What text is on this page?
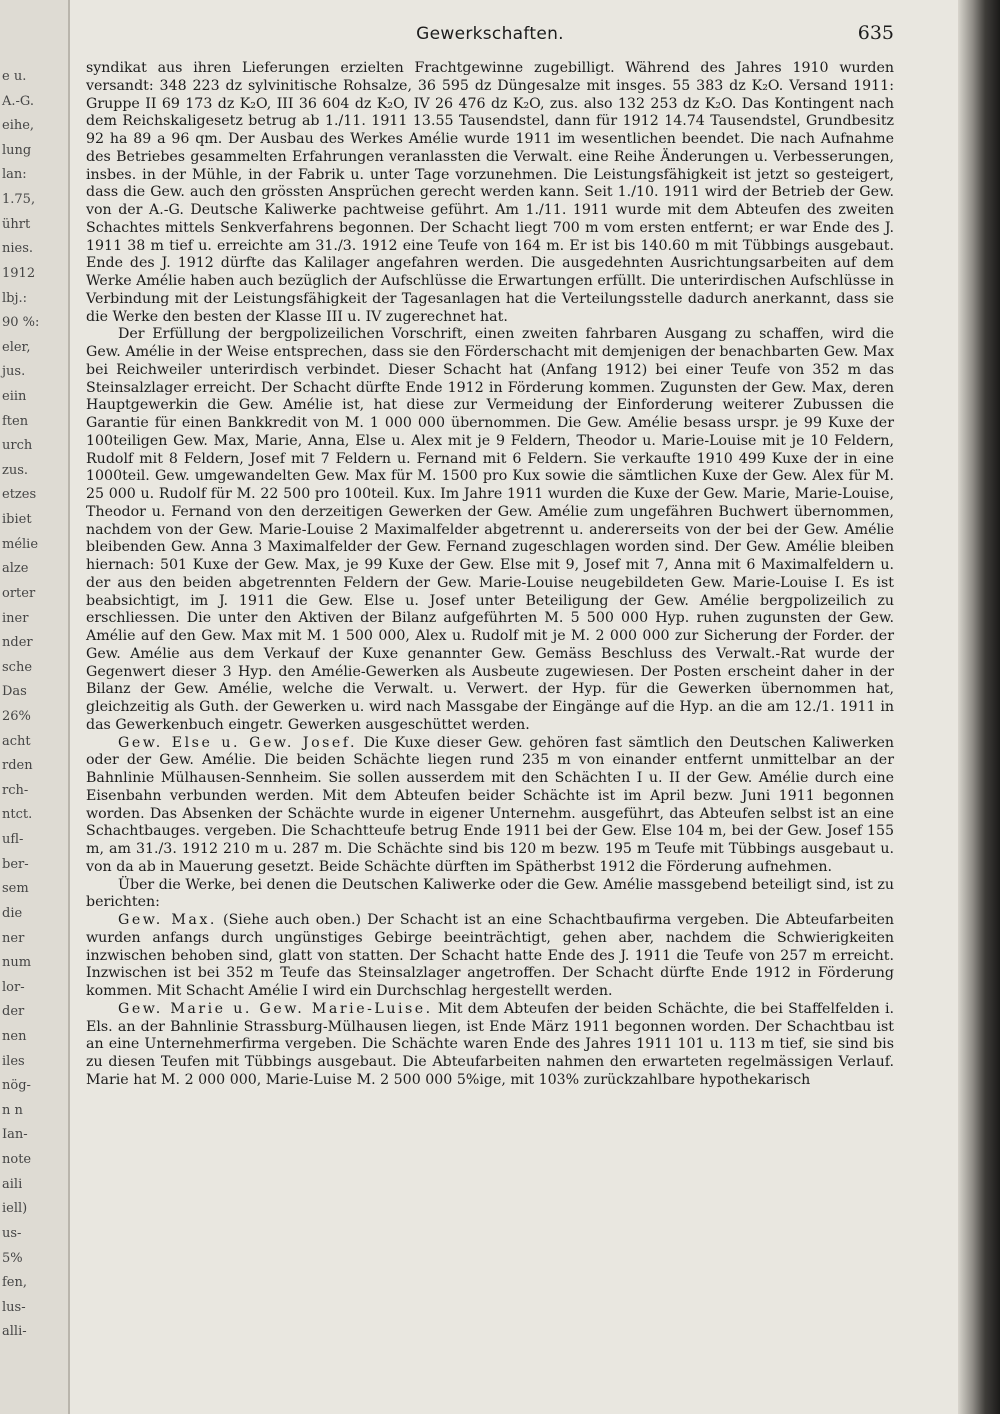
e u.
A.-G.
eihe,
lung
lan:
1.75,
ührt
nies.
1912
lbj.:
90 %:
eler,
jus.
eiin
ften
urch
zus.
etzes
ibiet
mélie
alze
orter
iner
nder
sche
Das
26%
acht
rden
rch-
ntct.
ufl-
ber-
sem
die
ner
num
lor-
der
nen
iles
nög-
n n
Ian-
note
aili
iell)
us-
5%
fen,
lus-
alli-
Gewerkschaften.	635

syndikat aus ihren Lieferungen erzielten Frachtgewinne zugebilligt. Während des Jahres 1910 wurden versandt: 348 223 dz sylvinitische Rohsalze, 36 595 dz Düngesalze mit insges. 55 383 dz K₂O. Versand 1911: Gruppe II 69 173 dz K₂O, III 36 604 dz K₂O, IV 26 476 dz K₂O, zus. also 132 253 dz K₂O. Das Kontingent nach dem Reichskaligesetz betrug ab 1./11. 1911 13.55 Tausendstel, dann für 1912 14.74 Tausendstel, Grundbesitz 92 ha 89 a 96 qm. Der Ausbau des Werkes Amélie wurde 1911 im wesentlichen beendet. Die nach Aufnahme des Betriebes gesammelten Erfahrungen veranlassten die Verwalt. eine Reihe Änderungen u. Verbesserungen, insbes. in der Mühle, in der Fabrik u. unter Tage vorzunehmen. Die Leistungsfähigkeit ist jetzt so gesteigert, dass die Gew. auch den grössten Ansprüchen gerecht werden kann. Seit 1./10. 1911 wird der Betrieb der Gew. von der A.-G. Deutsche Kaliwerke pachtweise geführt. Am 1./11. 1911 wurde mit dem Abteufen des zweiten Schachtes mittels Senkverfahrens begonnen. Der Schacht liegt 700 m vom ersten entfernt; er war Ende des J. 1911 38 m tief u. erreichte am 31./3. 1912 eine Teufe von 164 m. Er ist bis 140.60 m mit Tübbings ausgebaut. Ende des J. 1912 dürfte das Kalilager angefahren werden. Die ausgedehnten Ausrichtungsarbeiten auf dem Werke Amélie haben auch bezüglich der Aufschlüsse die Erwartungen erfüllt. Die unterirdischen Aufschlüsse in Verbindung mit der Leistungsfähigkeit der Tagesanlagen hat die Verteilungsstelle dadurch anerkannt, dass sie die Werke den besten der Klasse III u. IV zugerechnet hat.

Der Erfüllung der bergpolizeilichen Vorschrift, einen zweiten fahrbaren Ausgang zu schaffen, wird die Gew. Amélie in der Weise entsprechen, dass sie den Förderschacht mit demjenigen der benachbarten Gew. Max bei Reichweiler unterirdisch verbindet. Dieser Schacht hat (Anfang 1912) bei einer Teufe von 352 m das Steinsalzlager erreicht. Der Schacht dürfte Ende 1912 in Förderung kommen. Zugunsten der Gew. Max, deren Hauptgewerkin die Gew. Amélie ist, hat diese zur Vermeidung der Einforderung weiterer Zubussen die Garantie für einen Bankkredit von M. 1 000 000 übernommen. Die Gew. Amélie besass urspr. je 99 Kuxe der 100teiligen Gew. Max, Marie, Anna, Else u. Alex mit je 9 Feldern, Theodor u. Marie-Louise mit je 10 Feldern, Rudolf mit 8 Feldern, Josef mit 7 Feldern u. Fernand mit 6 Feldern. Sie verkaufte 1910 499 Kuxe der in eine 1000teil. Gew. umgewandelten Gew. Max für M. 1500 pro Kux sowie die sämtlichen Kuxe der Gew. Alex für M. 25 000 u. Rudolf für M. 22 500 pro 100teil. Kux. Im Jahre 1911 wurden die Kuxe der Gew. Marie, Marie-Louise, Theodor u. Fernand von den derzeitigen Gewerken der Gew. Amélie zum ungefähren Buchwert übernommen, nachdem von der Gew. Marie-Louise 2 Maximalfelder abgetrennt u. andererseits von der bei der Gew. Amélie bleibenden Gew. Anna 3 Maximalfelder der Gew. Fernand zugeschlagen worden sind. Der Gew. Amélie bleiben hiernach: 501 Kuxe der Gew. Max, je 99 Kuxe der Gew. Else mit 9, Josef mit 7, Anna mit 6 Maximalfeldern u. der aus den beiden abgetrennten Feldern der Gew. Marie-Louise neugebildeten Gew. Marie-Louise I. Es ist beabsichtigt, im J. 1911 die Gew. Else u. Josef unter Beteiligung der Gew. Amélie bergpolizeilich zu erschliessen. Die unter den Aktiven der Bilanz aufgeführten M. 5 500 000 Hyp. ruhen zugunsten der Gew. Amélie auf den Gew. Max mit M. 1 500 000, Alex u. Rudolf mit je M. 2 000 000 zur Sicherung der Forder. der Gew. Amélie aus dem Verkauf der Kuxe genannter Gew. Gemäss Beschluss des Verwalt.-Rat wurde der Gegenwert dieser 3 Hyp. den Amélie-Gewerken als Ausbeute zugewiesen. Der Posten erscheint daher in der Bilanz der Gew. Amélie, welche die Verwalt. u. Verwert. der Hyp. für die Gewerken übernommen hat, gleichzeitig als Guth. der Gewerken u. wird nach Massgabe der Eingänge auf die Hyp. an die am 12./1. 1911 in das Gewerkenbuch eingetr. Gewerken ausgeschüttet werden.

Gew. Else u. Gew. Josef. Die Kuxe dieser Gew. gehören fast sämtlich den Deutschen Kaliwerken oder der Gew. Amélie. Die beiden Schächte liegen rund 235 m von einander entfernt unmittelbar an der Bahnlinie Mülhausen-Sennheim. Sie sollen ausserdem mit den Schächten I u. II der Gew. Amélie durch eine Eisenbahn verbunden werden. Mit dem Abteufen beider Schächte ist im April bezw. Juni 1911 begonnen worden. Das Absenken der Schächte wurde in eigener Unternehm. ausgeführt, das Abteufen selbst ist an eine Schachtbauges. vergeben. Die Schachtteufe betrug Ende 1911 bei der Gew. Else 104 m, bei der Gew. Josef 155 m, am 31./3. 1912 210 m u. 287 m. Die Schächte sind bis 120 m bezw. 195 m Teufe mit Tübbings ausgebaut u. von da ab in Mauerung gesetzt. Beide Schächte dürften im Spätherbst 1912 die Förderung aufnehmen.

Über die Werke, bei denen die Deutschen Kaliwerke oder die Gew. Amélie massgebend beteiligt sind, ist zu berichten:

Gew. Max. (Siehe auch oben.) Der Schacht ist an eine Schachtbaufirma vergeben. Die Abteufarbeiten wurden anfangs durch ungünstiges Gebirge beeinträchtigt, gehen aber, nachdem die Schwierigkeiten inzwischen behoben sind, glatt von statten. Der Schacht hatte Ende des J. 1911 die Teufe von 257 m erreicht. Inzwischen ist bei 352 m Teufe das Steinsalzlager angetroffen. Der Schacht dürfte Ende 1912 in Förderung kommen. Mit Schacht Amélie I wird ein Durchschlag hergestellt werden.

Gew. Marie u. Gew. Marie-Luise. Mit dem Abteufen der beiden Schächte, die bei Staffelfelden i. Els. an der Bahnlinie Strassburg-Mülhausen liegen, ist Ende März 1911 begonnen worden. Der Schachtbau ist an eine Unternehmerfirma vergeben. Die Schächte waren Ende des Jahres 1911 101 u. 113 m tief, sie sind bis zu diesen Teufen mit Tübbings ausgebaut. Die Abteufarbeiten nahmen den erwarteten regelmässigen Verlauf. Marie hat M. 2 000 000, Marie-Luise M. 2 500 000 5%ige, mit 103% zurückzahlbare hypothekarisch
